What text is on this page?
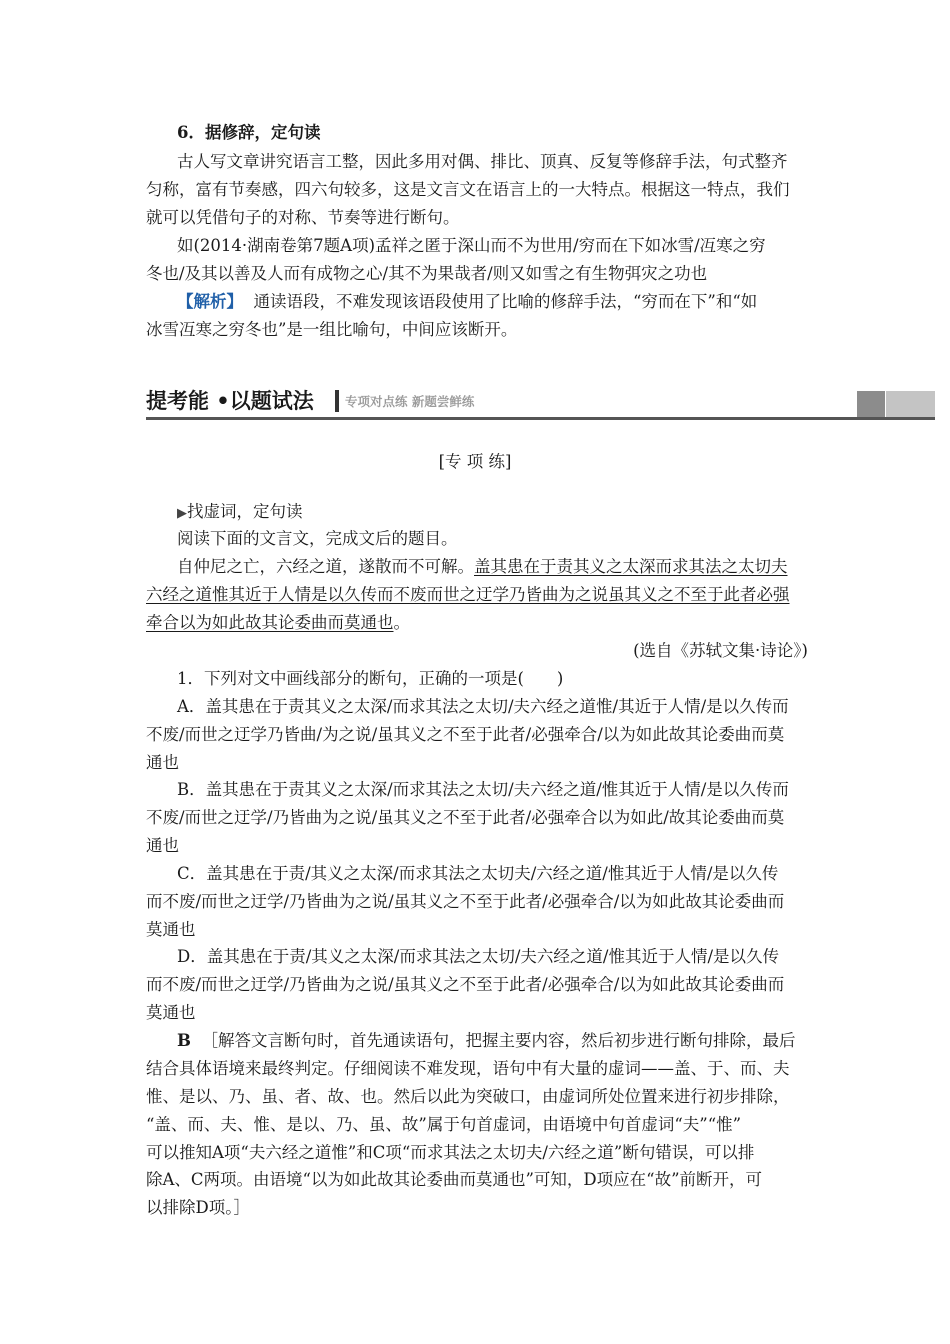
6．据修辞，定句读
古人写文章讲究语言工整，因此多用对偶、排比、顶真、反复等修辞手法，句式整齐
匀称，富有节奏感，四六句较多，这是文言文在语言上的一大特点。根据这一特点，我们
就可以凭借句子的对称、节奏等进行断句。
如(2014·湖南卷第7题A项)孟祥之匿于深山而不为世用/穷而在下如冰雪/冱寒之穷
冬也/及其以善及人而有成物之心/其不为果哉者/则又如雪之有生物弭灾之功也
【解析】 通读语段，不难发现该语段使用了比喻的修辞手法，“穷而在下”和“如
冰雪冱寒之穷冬也”是一组比喻句，中间应该断开。
提考能 •以题试法	专项对点练 新题尝鲜练
[专 项 练]
▶找虚词，定句读
阅读下面的文言文，完成文后的题目。
自仲尼之亡，六经之道，遂散而不可解。盖其患在于责其义之太深而求其法之太切夫
六经之道惟其近于人情是以久传而不废而世之迂学乃皆曲为之说虽其义之不至于此者必强
牵合以为如此故其论委曲而莫通也。
(选自《苏轼文集·诗论》)
1．下列对文中画线部分的断句，正确的一项是(　　)
A．盖其患在于责其义之太深/而求其法之太切/夫六经之道惟/其近于人情/是以久传而
不废/而世之迂学乃皆曲/为之说/虽其义之不至于此者/必强牵合/以为如此故其论委曲而莫
通也
B．盖其患在于责其义之太深/而求其法之太切/夫六经之道/惟其近于人情/是以久传而
不废/而世之迂学/乃皆曲为之说/虽其义之不至于此者/必强牵合以为如此/故其论委曲而莫
通也
C．盖其患在于责/其义之太深/而求其法之太切夫/六经之道/惟其近于人情/是以久传
而不废/而世之迂学/乃皆曲为之说/虽其义之不至于此者/必强牵合/以为如此故其论委曲而
莫通也
D．盖其患在于责/其义之太深/而求其法之太切/夫六经之道/惟其近于人情/是以久传
而不废/而世之迂学/乃皆曲为之说/虽其义之不至于此者/必强牵合/以为如此故其论委曲而
莫通也
B ［解答文言断句时，首先通读语句，把握主要内容，然后初步进行断句排除，最后
结合具体语境来最终判定。仔细阅读不难发现，语句中有大量的虚词——盖、于、而、夫
惟、是以、乃、虽、者、故、也。然后以此为突破口，由虚词所处位置来进行初步排除，
“盖、而、夫、惟、是以、乃、虽、故”属于句首虚词，由语境中句首虚词“夫”“惟”
可以推知A项“夫六经之道惟”和C项“而求其法之太切夫/六经之道”断句错误，可以排
除A、C两项。由语境“以为如此故其论委曲而莫通也”可知，D项应在“故”前断开，可
以排除D项。］
